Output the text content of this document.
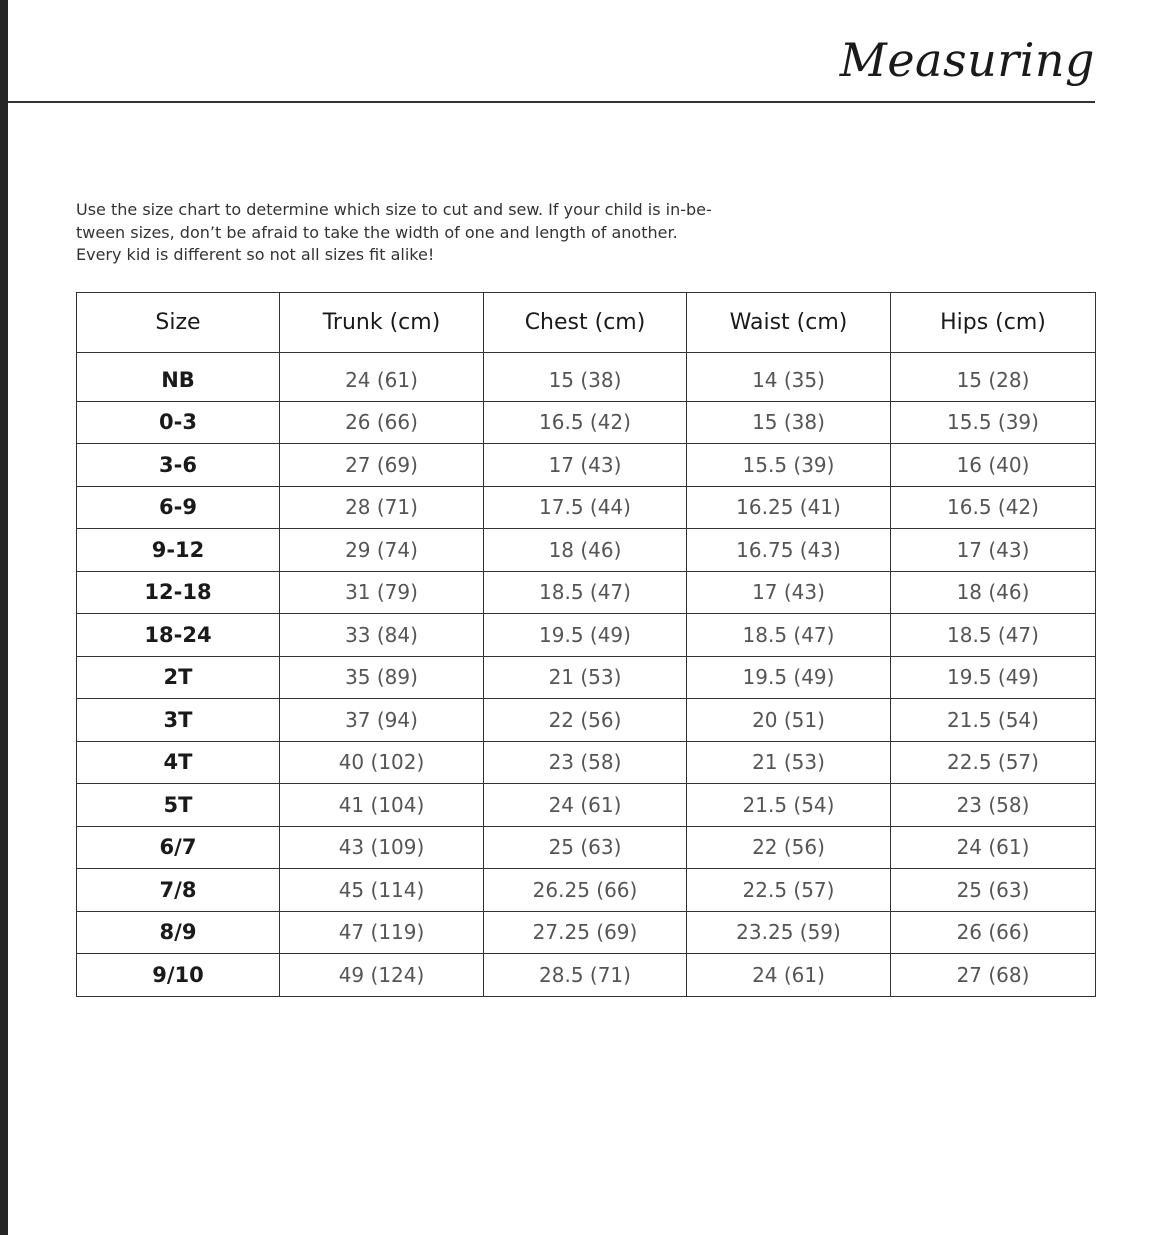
Measuring

Use the size chart to determine which size to cut and sew. If your child is in-be-

tween sizes, don’t be afraid to take the width of one and length of another.

Every kid is different so not all sizes fit alike!

Size	Trunk (cm)	Chest (cm)	Waist (cm)	Hips (cm)
NB	24 (61)	15 (38)	14 (35)	15 (28)
0-3	26 (66)	16.5 (42)	15 (38)	15.5 (39)
3-6	27 (69)	17 (43)	15.5 (39)	16 (40)
6-9	28 (71)	17.5 (44)	16.25 (41)	16.5 (42)
9-12	29 (74)	18 (46)	16.75 (43)	17 (43)
12-18	31 (79)	18.5 (47)	17 (43)	18 (46)
18-24	33 (84)	19.5 (49)	18.5 (47)	18.5 (47)
2T	35 (89)	21 (53)	19.5 (49)	19.5 (49)
3T	37 (94)	22 (56)	20 (51)	21.5 (54)
4T	40 (102)	23 (58)	21 (53)	22.5 (57)
5T	41 (104)	24 (61)	21.5 (54)	23 (58)
6/7	43 (109)	25 (63)	22 (56)	24 (61)
7/8	45 (114)	26.25 (66)	22.5 (57)	25 (63)
8/9	47 (119)	27.25 (69)	23.25 (59)	26 (66)
9/10	49 (124)	28.5 (71)	24 (61)	27 (68)
